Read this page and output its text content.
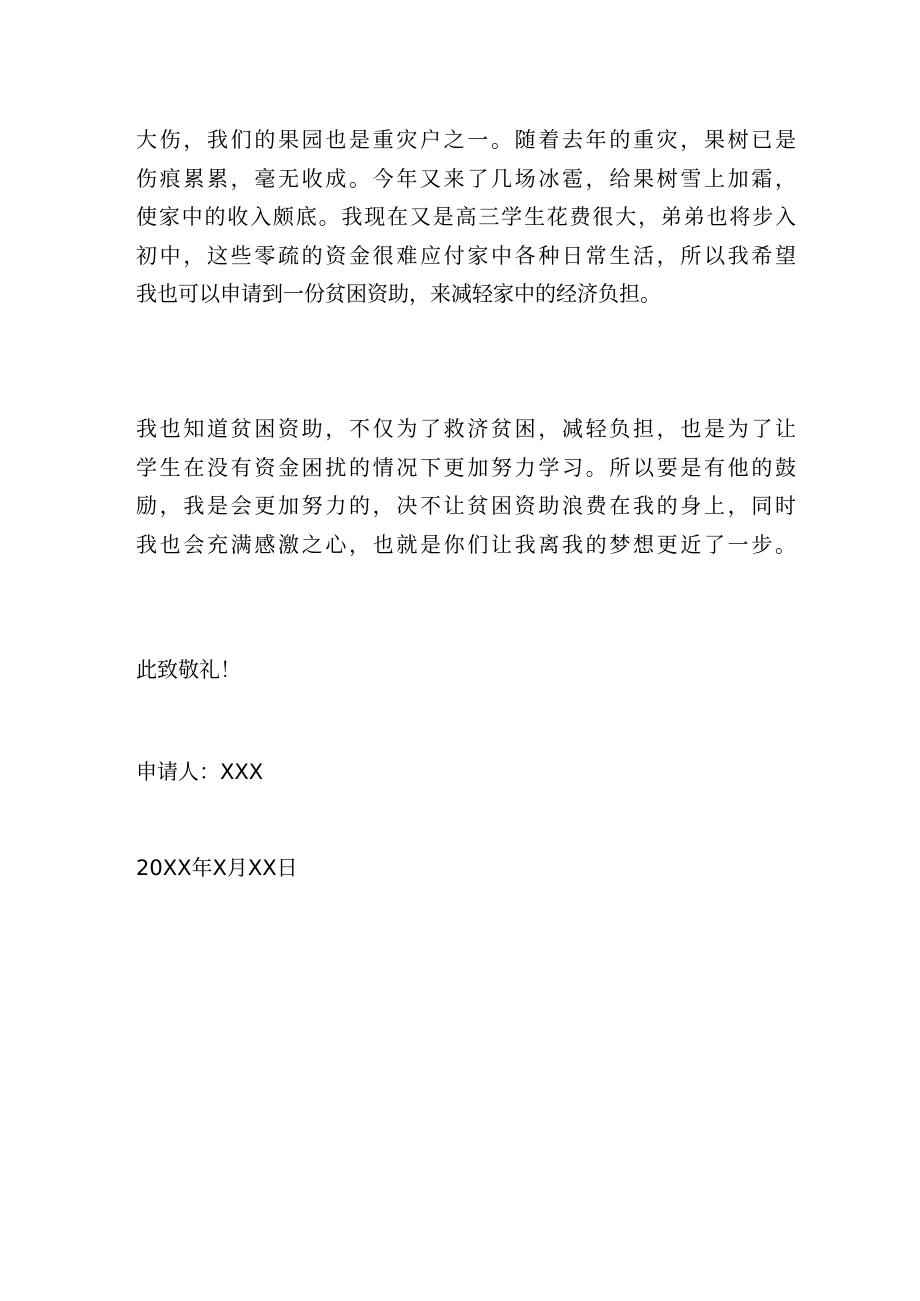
大伤，我们的果园也是重灾户之一。随着去年的重灾，果树已是
伤痕累累，毫无收成。今年又来了几场冰雹，给果树雪上加霜，
使家中的收入颇底。我现在又是高三学生花费很大，弟弟也将步入
初中，这些零疏的资金很难应付家中各种日常生活，所以我希望
我也可以申请到一份贫困资助，来减轻家中的经济负担。
我也知道贫困资助，不仅为了救济贫困，减轻负担，也是为了让
学生在没有资金困扰的情况下更加努力学习。所以要是有他的鼓
励，我是会更加努力的，决不让贫困资助浪费在我的身上，同时
我也会充满感激之心，也就是你们让我离我的梦想更近了一步。

此致敬礼！

申请人：XXX

20XX年X月XX日
